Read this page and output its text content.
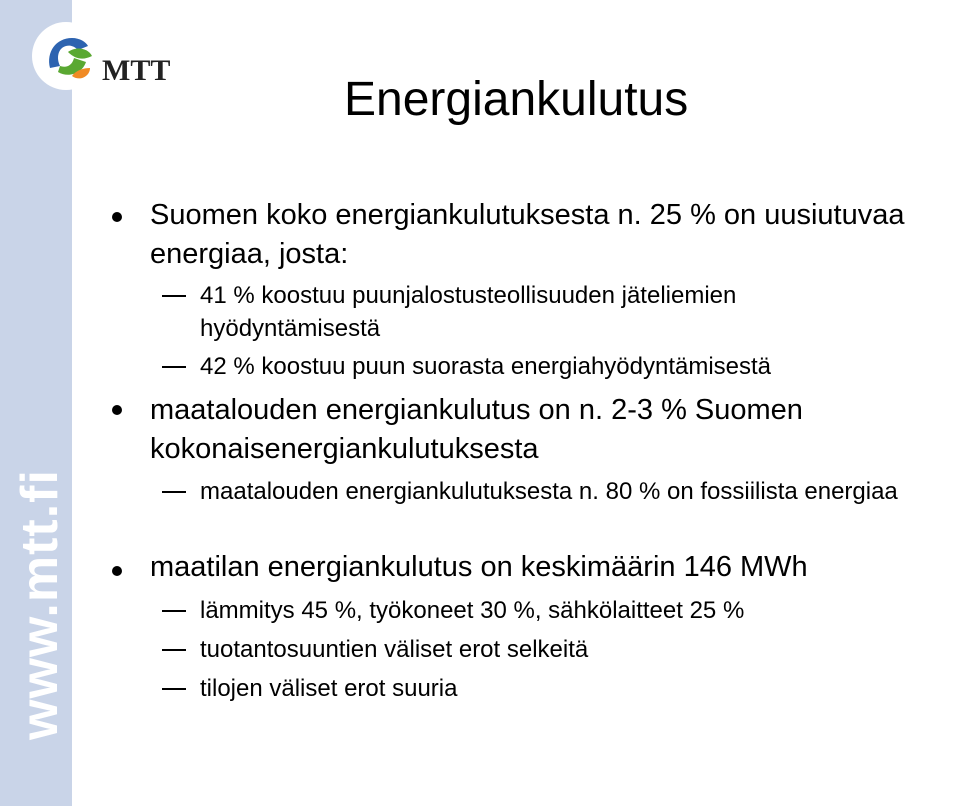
www.mtt.fi
MTT
Energiankulutus
Suomen koko energiankulutuksesta n. 25 % on uusiutuvaa energiaa, josta:
41 % koostuu puunjalostusteollisuuden jäteliemien hyödyntämisestä
42 % koostuu puun suorasta energiahyödyntämisestä
maatalouden energiankulutus on n. 2-3 % Suomen kokonaisenergiankulutuksesta
maatalouden energiankulutuksesta n. 80 % on fossiilista energiaa
maatilan energiankulutus on keskimäärin 146 MWh
lämmitys 45 %, työkoneet 30 %, sähkölaitteet 25 %
tuotantosuuntien väliset erot selkeitä
tilojen väliset erot suuria
